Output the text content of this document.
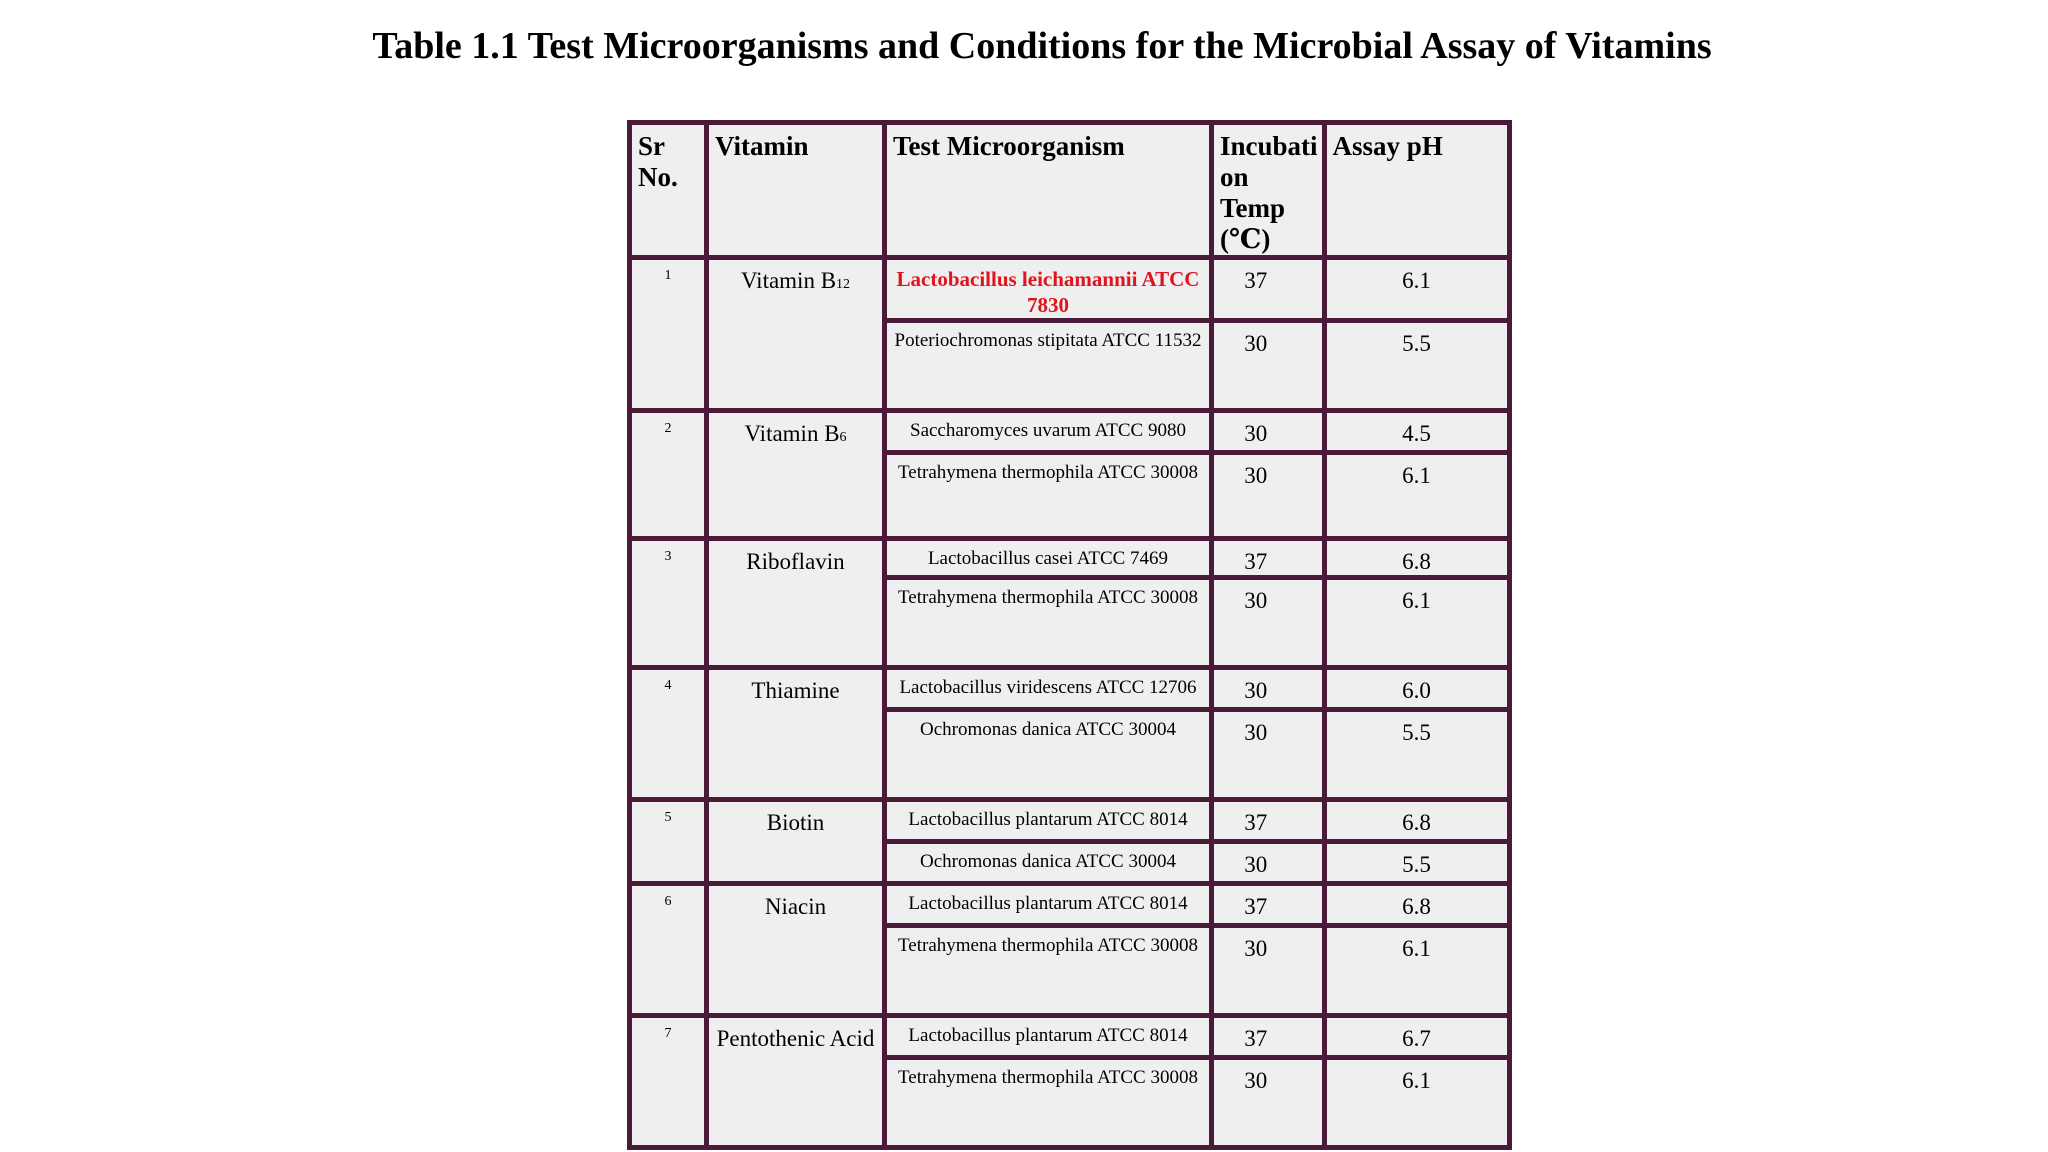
Table 1.1 Test Microorganisms and Conditions for the Microbial Assay of Vitamins
Sr No.	Vitamin	Test Microorganism	Incubati on Temp (℃)	Assay pH
1	Vitamin B12	Lactobacillus leichamannii ATCC 7830	37	6.1
		Poteriochromonas stipitata ATCC 11532	30	5.5
2	Vitamin B6	Saccharomyces uvarum ATCC 9080	30	4.5
		Tetrahymena thermophila ATCC 30008	30	6.1
3	Riboflavin	Lactobacillus casei ATCC 7469	37	6.8
		Tetrahymena thermophila ATCC 30008	30	6.1
4	Thiamine	Lactobacillus viridescens ATCC 12706	30	6.0
		Ochromonas danica ATCC 30004	30	5.5
5	Biotin	Lactobacillus plantarum ATCC 8014	37	6.8
		Ochromonas danica ATCC 30004	30	5.5
6	Niacin	Lactobacillus plantarum ATCC 8014	37	6.8
		Tetrahymena thermophila ATCC 30008	30	6.1
7	Pentothenic Acid	Lactobacillus plantarum ATCC 8014	37	6.7
		Tetrahymena thermophila ATCC 30008	30	6.1
